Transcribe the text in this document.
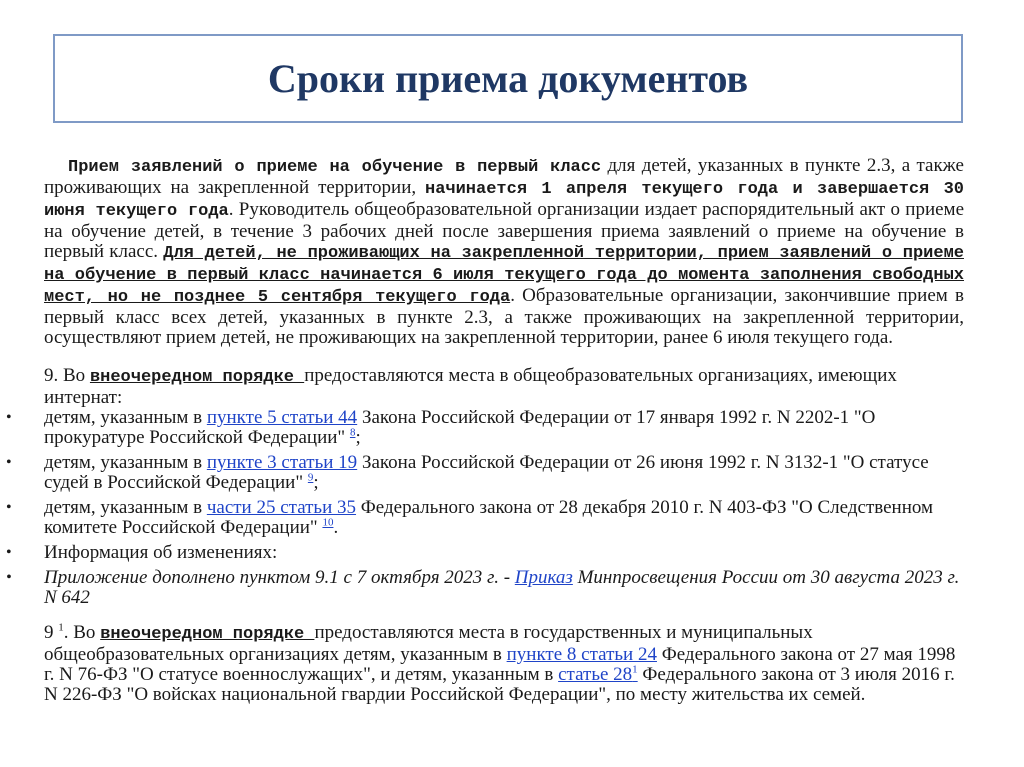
Сроки приема документов

Прием заявлений о приеме на обучение в первый класс для детей, указанных в пункте 2.3, а также проживающих на закрепленной территории, начинается 1 апреля текущего года и завершается 30 июня текущего года. Руководитель общеобразовательной организации издает распорядительный акт о приеме на обучение детей, в течение 3 рабочих дней после завершения приема заявлений о приеме на обучение в первый класс. Для детей, не проживающих на закрепленной территории, прием заявлений о приеме на обучение в первый класс начинается 6 июля текущего года до момента заполнения свободных мест, но не позднее 5 сентября текущего года. Образовательные организации, закончившие прием в первый класс всех детей, указанных в пункте 2.3, а также проживающих на закрепленной территории, осуществляют прием детей, не проживающих на закрепленной территории, ранее 6 июля текущего года.

9. Во внеочередном порядке предоставляются места в общеобразовательных организациях, имеющих интернат:

• детям, указанным в пункте 5 статьи 44 Закона Российской Федерации от 17 января 1992 г. N 2202-1 "О прокуратуре Российской Федерации" $^8$;
• детям, указанным в пункте 3 статьи 19 Закона Российской Федерации от 26 июня 1992 г. N 3132-1 "О статусе судей в Российской Федерации" $^9$;
• детям, указанным в части 25 статьи 35 Федерального закона от 28 декабря 2010 г. N 403-ФЗ "О Следственном комитете Российской Федерации" $^{10}$.
• Информация об изменениях:
• Приложение дополнено пунктом 9.1 с 7 октября 2023 г. - Приказ Минпросвещения России от 30 августа 2023 г. N 642

9 $^1$. Во внеочередном порядке предоставляются места в государственных и муниципальных общеобразовательных организациях детям, указанным в пункте 8 статьи 24 Федерального закона от 27 мая 1998 г. N 76-ФЗ "О статусе военнослужащих", и детям, указанным в статье 28$^1$ Федерального закона от 3 июля 2016 г. N 226-ФЗ "О войсках национальной гвардии Российской Федерации", по месту жительства их семей.
